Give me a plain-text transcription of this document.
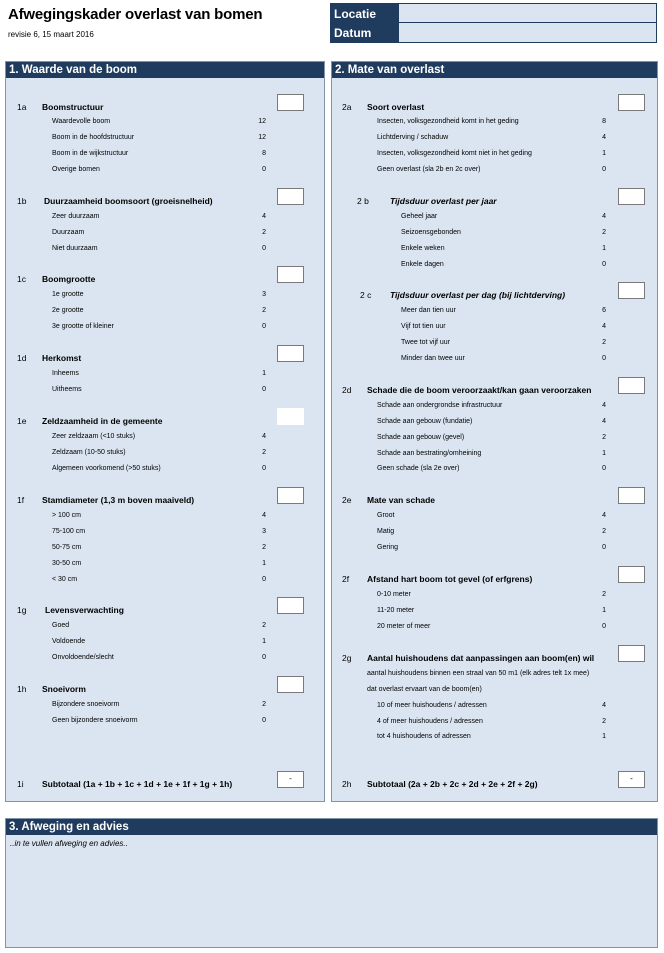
Afwegingskader overlast van bomen
revisie 6, 15 maart 2016
Locatie
Datum
1. Waarde van de boom
1a Boomstructuur
Waardevolle boom	12
Boom in de hoofdstructuur	12
Boom in de wijkstructuur	8
Overige bomen	0
1b Duurzaamheid boomsoort (groeisnelheid)
Zeer duurzaam	4
Duurzaam	2
Niet duurzaam	0
1c Boomgrootte
1e grootte	3
2e grootte	2
3e grootte of kleiner	0
1d Herkomst
Inheems	1
Uitheems	0
1e Zeldzaamheid in de gemeente
Zeer zeldzaam (<10 stuks)	4
Zeldzaam (10-50 stuks)	2
Algemeen voorkomend (>50 stuks)	0
1f Stamdiameter (1,3 m boven maaiveld)
> 100 cm	4
75-100 cm	3
50-75 cm	2
30-50 cm	1
< 30 cm	0
1g Levensverwachting
Goed	2
Voldoende	1
Onvoldoende/slecht	0
1h Snoeivorm
Bijzondere snoeivorm	2
Geen bijzondere snoeivorm	0
1i Subtotaal (1a + 1b + 1c + 1d + 1e + 1f + 1g + 1h)
-
2. Mate van overlast
2a Soort overlast
Insecten, volksgezondheid komt in het geding	8
Lichtderving / schaduw	4
Insecten, volksgezondheid komt niet in het geding	1
Geen overlast (sla 2b en 2c over)	0
2 b Tijdsduur overlast per jaar
Geheel jaar	4
Seizoensgebonden	2
Enkele weken	1
Enkele dagen	0
2 c Tijdsduur overlast per dag (bij lichtderving)
Meer dan tien uur	6
Vijf tot tien uur	4
Twee tot vijf uur	2
Minder dan twee uur	0
2d Schade die de boom veroorzaakt/kan gaan veroorzaken
Schade aan ondergrondse infrastructuur	4
Schade aan gebouw (fundatie)	4
Schade aan gebouw (gevel)	2
Schade aan bestrating/omheining	1
Geen schade (sla 2e over)	0
2e Mate van schade
Groot	4
Matig	2
Gering	0
2f Afstand hart boom tot gevel (of erfgrens)
0-10 meter	2
11-20 meter	1
20 meter of meer	0
2g Aantal huishoudens dat aanpassingen aan boom(en) wil
aantal huishoudens binnen een straal van 50 m1 (elk adres telt 1x mee)
dat overlast ervaart van de boom(en)
10 of meer huishoudens / adressen	4
4 of meer huishoudens / adressen	2
tot 4 huishoudens of adressen	1
2h Subtotaal (2a + 2b + 2c + 2d + 2e + 2f + 2g)
-
3. Afweging en advies
..in te vullen afweging en advies..
